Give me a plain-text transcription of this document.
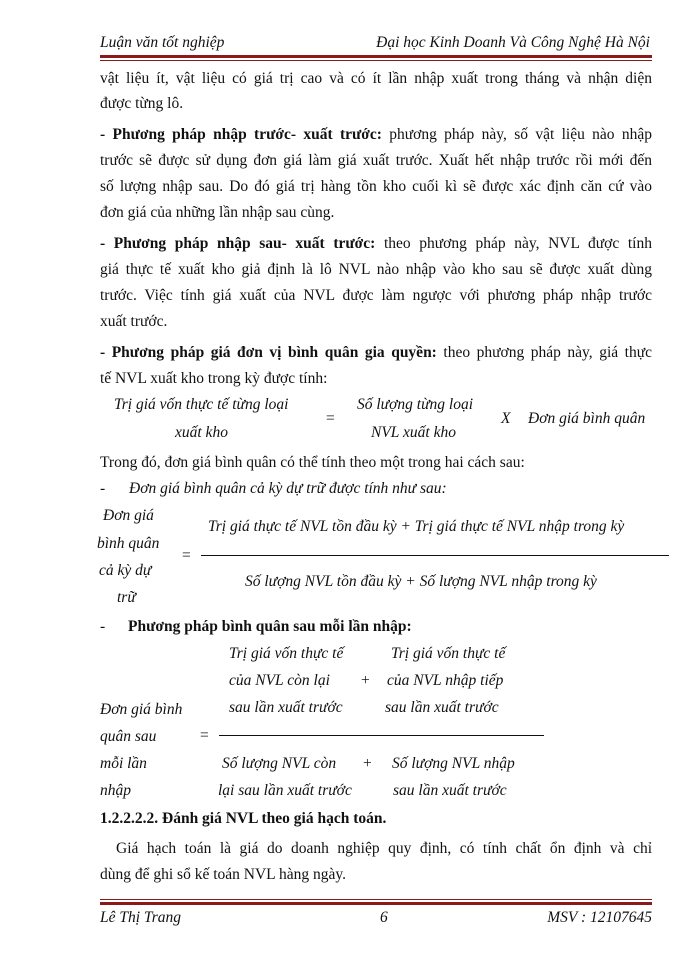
Luận văn tốt nghiệp	Đại học Kinh Doanh Và Công Nghệ Hà Nội
vật liệu ít, vật liệu có giá trị cao và có ít lần nhập xuất trong tháng và nhận diện
được từng lô.
- Phương pháp nhập trước- xuất trước: phương pháp này, số vật liệu nào nhập
trước sẽ được sử dụng đơn giá làm giá xuất trước. Xuất hết nhập trước rồi mới đến
số lượng nhập sau. Do đó giá trị hàng tồn kho cuối kì sẽ được xác định căn cứ vào
đơn giá của những lần nhập sau cùng.
- Phương pháp nhập sau- xuất trước: theo phương pháp này, NVL được tính
giá thực tế xuất kho giả định là lô NVL nào nhập vào kho sau sẽ được xuất dùng
trước. Việc tính giá xuất của NVL được làm ngược với phương pháp nhập trước
xuất trước.
- Phương pháp giá đơn vị bình quân gia quyền: theo phương pháp này, giá thực
tế NVL xuất kho trong kỳ được tính:
Trị giá vốn thực tế từng loại
xuất kho
=
Số lượng từng loại
NVL xuất kho
X Đơn giá bình quân
Trong đó, đơn giá bình quân có thể tính theo một trong hai cách sau:
- Đơn giá bình quân cả kỳ dự trữ được tính như sau:
Đơn giá
bình quân
cả kỳ dự
trữ
=
Trị giá thực tế NVL tồn đầu kỳ + Trị giá thực tế NVL nhập trong kỳ
Số lượng NVL tồn đầu kỳ + Số lượng NVL nhập trong kỳ
- Phương pháp bình quân sau mỗi lần nhập:
Trị giá vốn thực tế
của NVL còn lại
sau lần xuất trước
+
Trị giá vốn thực tế
của NVL nhập tiếp
sau lần xuất trước
Đơn giá bình
quân sau
mỗi lần
nhập
=
Số lượng NVL còn
lại sau lần xuất trước
+ Số lượng NVL nhập
sau lần xuất trước
1.2.2.2.2. Đánh giá NVL theo giá hạch toán.
Giá hạch toán là giá do doanh nghiệp quy định, có tính chất ổn định và chỉ
dùng để ghi sổ kế toán NVL hàng ngày.
Lê Thị Trang	6	MSV : 12107645
